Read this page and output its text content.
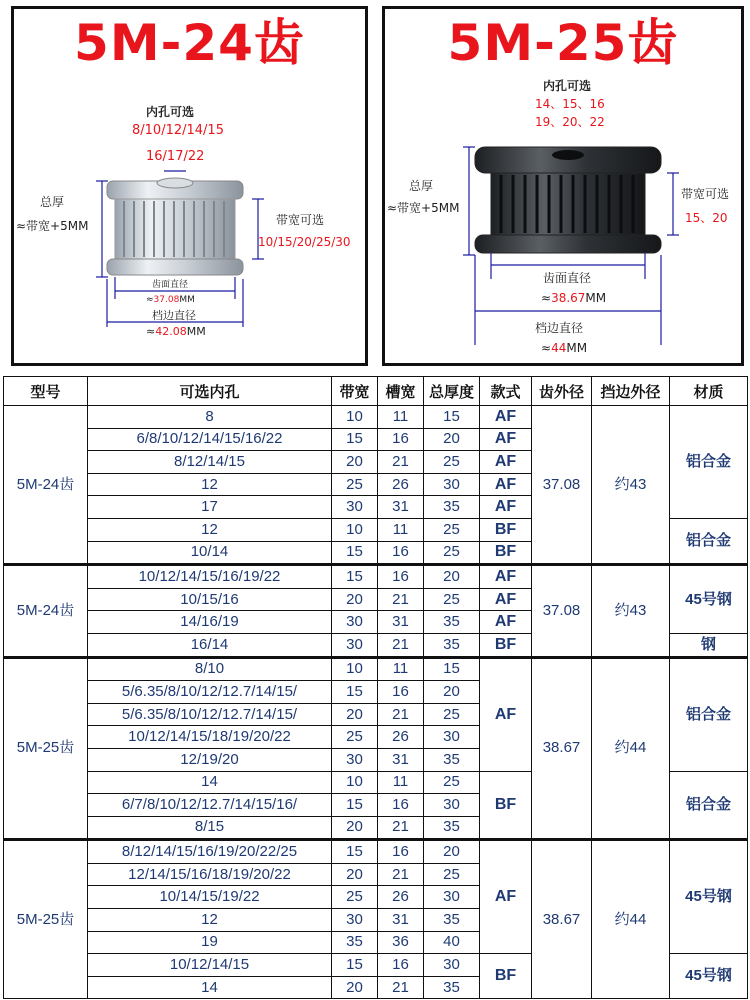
5M-24齿
内孔可选
8/10/12/14/15
16/17/22
总厚
≈带宽+5MM	带宽可选
10/15/20/25/30
齿面直径
≈37.08MM
档边直径
≈42.08MM
5M-25齿
内孔可选
14、15、16
19、20、22
总厚
≈带宽+5MM
带宽可选
15、20
齿面直径
≈38.67MM
档边直径
≈44MM
型号	可选内孔	带宽	槽宽	总厚度	款式	齿外径	挡边外径	材质
5M-24齿	8	10	11	15	AF	37.08	约43	铝合金
	6/8/10/12/14/15/16/22	15	16	20	AF			
	8/12/14/15	20	21	25	AF			
	12	25	26	30	AF			
	17	30	31	35	AF			
	12	10	11	25	BF			铝合金
	10/14	15	16	25	BF			
5M-24齿	10/12/14/15/16/19/22	15	16	20	AF	37.08	约43	45号钢
	10/15/16	20	21	25	AF			
	14/16/19	30	31	35	AF			
	16/14	30	21	35	BF			钢
5M-25齿	8/10	10	11	15	AF	38.67	约44	铝合金
	5/6.35/8/10/12/12.7/14/15/	15	16	20				
	5/6.35/8/10/12/12.7/14/15/	20	21	25				
	10/12/14/15/18/19/20/22	25	26	30				
	12/19/20	30	31	35				
	14	10	11	25	BF			铝合金
	6/7/8/10/12/12.7/14/15/16/	15	16	30				
	8/15	20	21	35				
5M-25齿	8/12/14/15/16/19/20/22/25	15	16	20	AF	38.67	约44	45号钢
	12/14/15/16/18/19/20/22	20	21	25				
	10/14/15/19/22	25	26	30				
	12	30	31	35				
	19	35	36	40				
	10/12/14/15	15	16	30	BF			45号钢
	14	20	21	35				
